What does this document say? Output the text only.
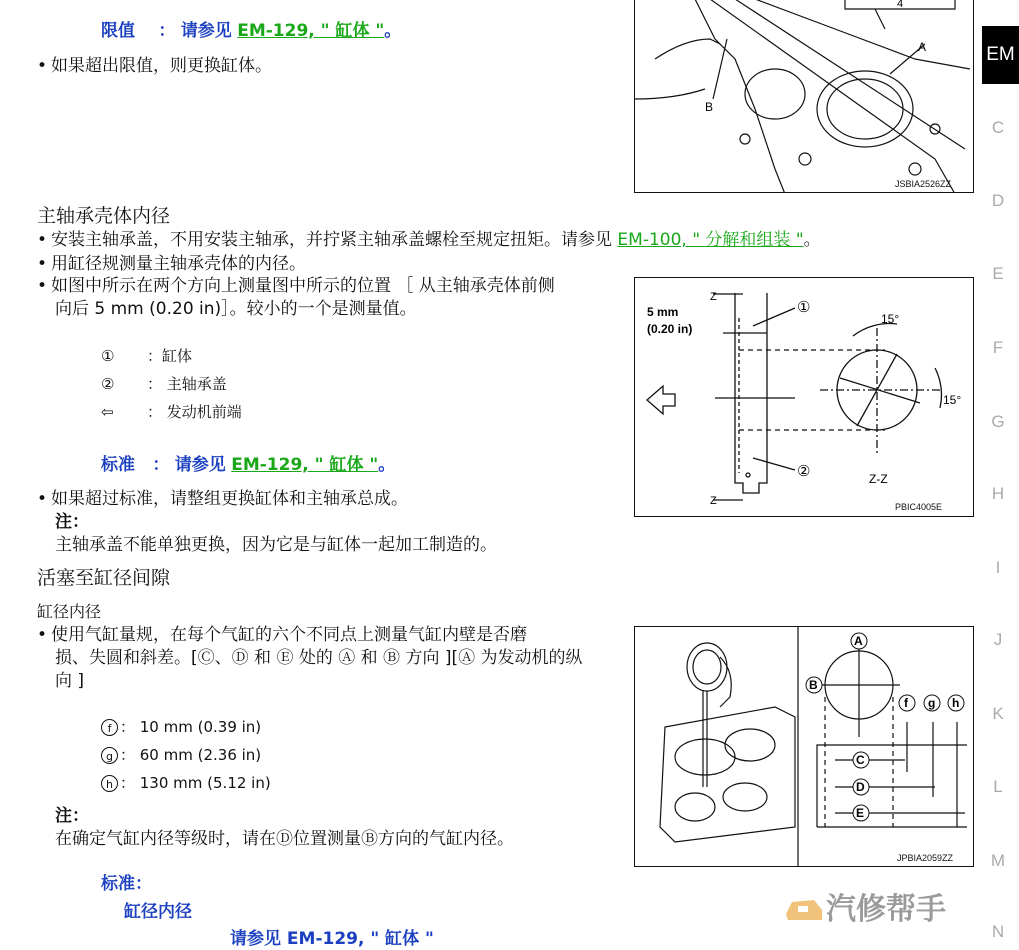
限值 ： 请参见 EM-129, " 缸体 "。
• 如果超出限值，则更换缸体。
4
A
B
JSBIA2526ZZ
主轴承壳体内径
• 安装主轴承盖，不用安装主轴承，并拧紧主轴承盖螺栓至规定扭矩。请参见 EM-100, " 分解和组装 "。
• 用缸径规测量主轴承壳体的内径。
• 如图中所示在两个方向上测量图中所示的位置 ［ 从主轴承壳体前侧
向后 5 mm (0.20 in)］。较小的一个是测量值。
① ：缸体
② ： 主轴承盖
⇦ ： 发动机前端
标准 ： 请参见 EM-129, " 缸体 "。
• 如果超过标准，请整组更换缸体和主轴承总成。
注：
主轴承盖不能单独更换，因为它是与缸体一起加工制造的。
Z
Z
5 mm
(0.20 in)
①
②
15°
15°
Z-Z
PBIC4005E
活塞至缸径间隙
缸径内径
• 使用气缸量规，在每个气缸的六个不同点上测量气缸内壁是否磨
损、失圆和斜差。[Ⓒ、Ⓓ 和 Ⓔ 处的 Ⓐ 和 Ⓑ 方向 ][Ⓐ 为发动机的纵
向 ]
f ： 10 mm (0.39 in)
g ： 60 mm (2.36 in)
h ： 130 mm (5.12 in)
注：
在确定气缸内径等级时，请在Ⓓ位置测量Ⓑ方向的气缸内径。
标准：
缸径内径
请参见 EM-129, " 缸体 "
A
B
C
D
E
f g h
JPBIA2059ZZ
EM
C
D
E
F
G
H
I
J
K
L
M
N
汽修帮手
